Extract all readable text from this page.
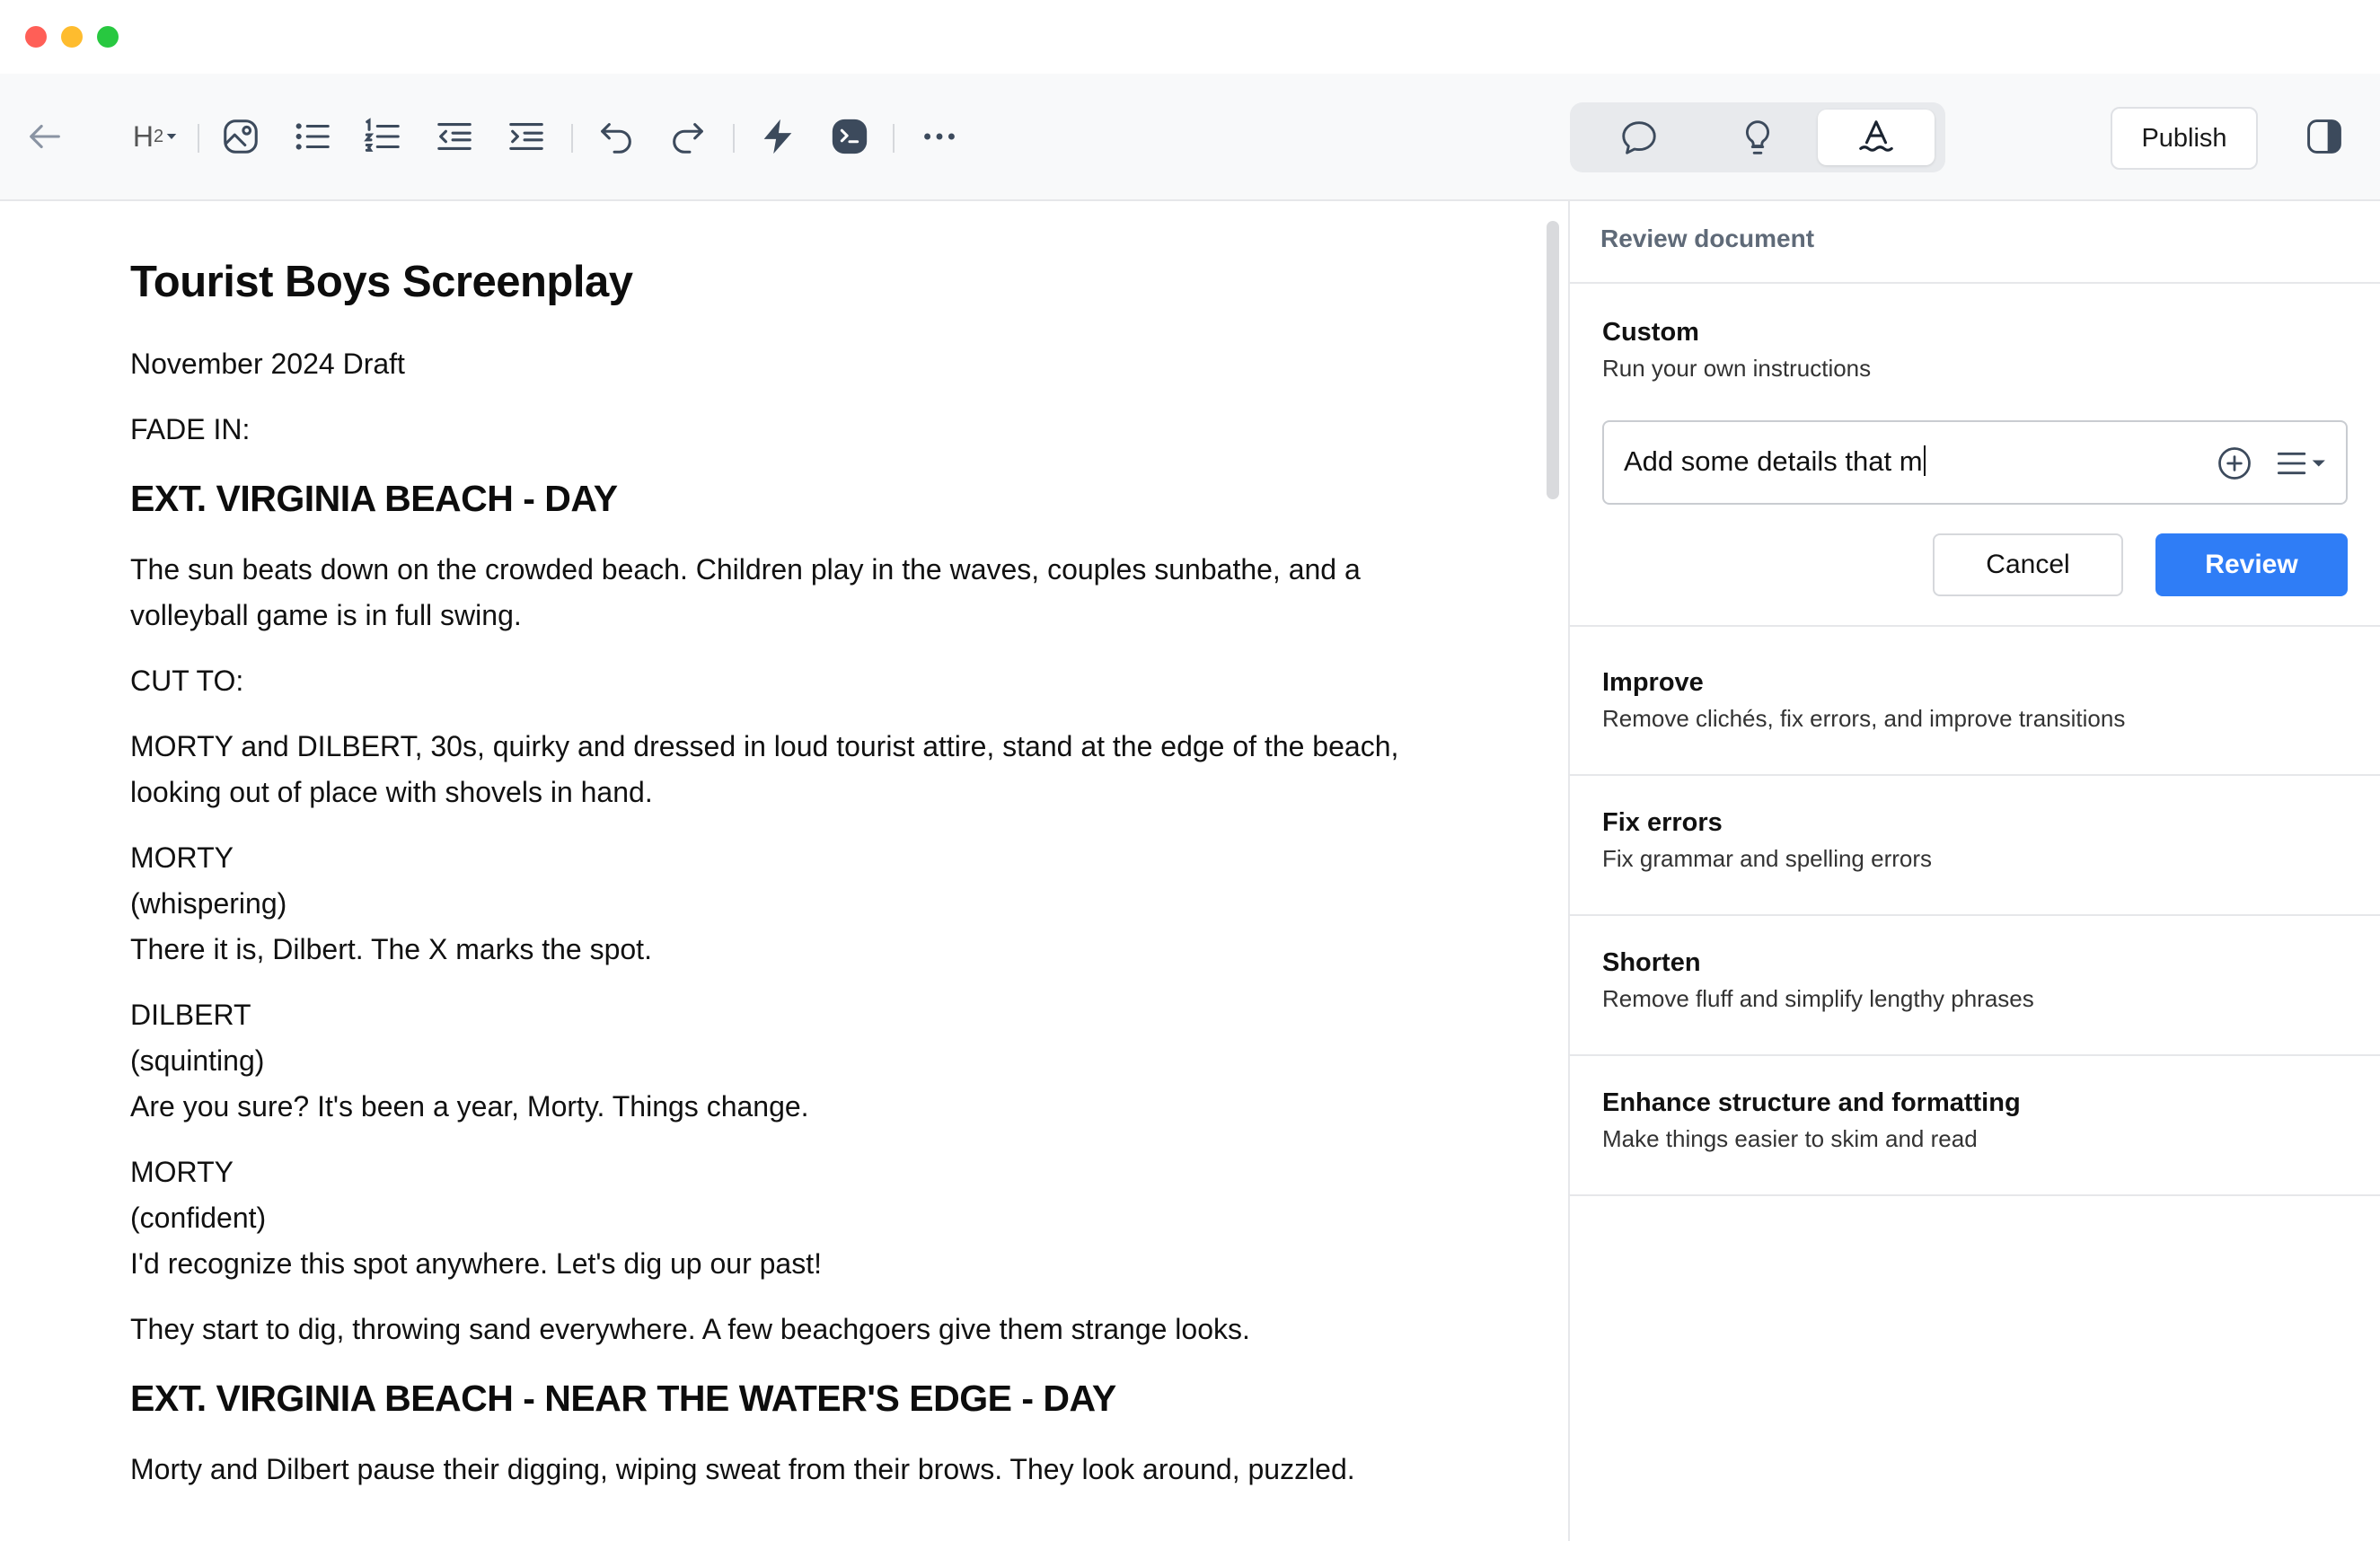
H 2	Publish
Tourist Boys Screenplay

November 2024 Draft

FADE IN:

EXT. VIRGINIA BEACH - DAY

The sun beats down on the crowded beach. Children play in the waves, couples sunbathe, and a volleyball game is in full swing.

CUT TO:

MORTY and DILBERT, 30s, quirky and dressed in loud tourist attire, stand at the edge of the beach, looking out of place with shovels in hand.

MORTY

(whispering)

There it is, Dilbert. The X marks the spot.

DILBERT

(squinting)

Are you sure? It's been a year, Morty. Things change.

MORTY

(confident)

I'd recognize this spot anywhere. Let's dig up our past!

They start to dig, throwing sand everywhere. A few beachgoers give them strange looks.

EXT. VIRGINIA BEACH - NEAR THE WATER'S EDGE - DAY

Morty and Dilbert pause their digging, wiping sweat from their brows. They look around, puzzled.

Review document
Custom
Run your own instructions
Add some details that m
Cancel	Review
Improve
Remove clichés, fix errors, and improve transitions
Fix errors
Fix grammar and spelling errors
Shorten
Remove fluff and simplify lengthy phrases
Enhance structure and formatting
Make things easier to skim and read
